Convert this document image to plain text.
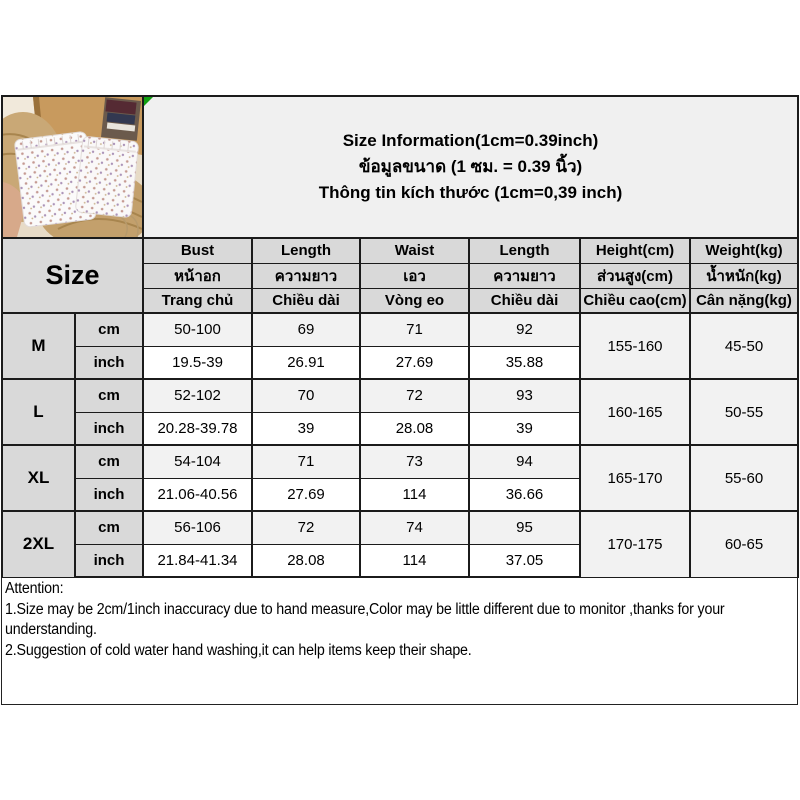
Size Information(1cm=0.39inch)
ข้อมูลขนาด (1 ซม. = 0.39 นิ้ว)
Thông tin kích thước (1cm=0,39 inch)					

Size		Bust	Length	Waist	Length	Height(cm)	Weight(kg)
		หน้าอก	ความยาว	เอว	ความยาว	ส่วนสูง(cm)	น้ำหนัก(kg)
		Trang chủ	Chiều dài	Vòng eo	Chiều dài	Chiều cao(cm)	Cân nặng(kg)
M	cm	50-100	69	71	92	155-160	45-50
	inch	19.5-39	26.91	27.69	35.88		
L	cm	52-102	70	72	93	160-165	50-55
	inch	20.28-39.78	39	28.08	39		
XL	cm	54-104	71	73	94	165-170	55-60
	inch	21.06-40.56	27.69	114	36.66		
2XL	cm	56-106	72	74	95	170-175	60-65
	inch	21.84-41.34	28.08	114	37.05		
Attention:
1.Size may be 2cm/1inch inaccuracy due to hand measure,Color may be little different due to monitor ,thanks for your understanding.
2.Suggestion of cold water hand washing,it can help items keep their shape.
